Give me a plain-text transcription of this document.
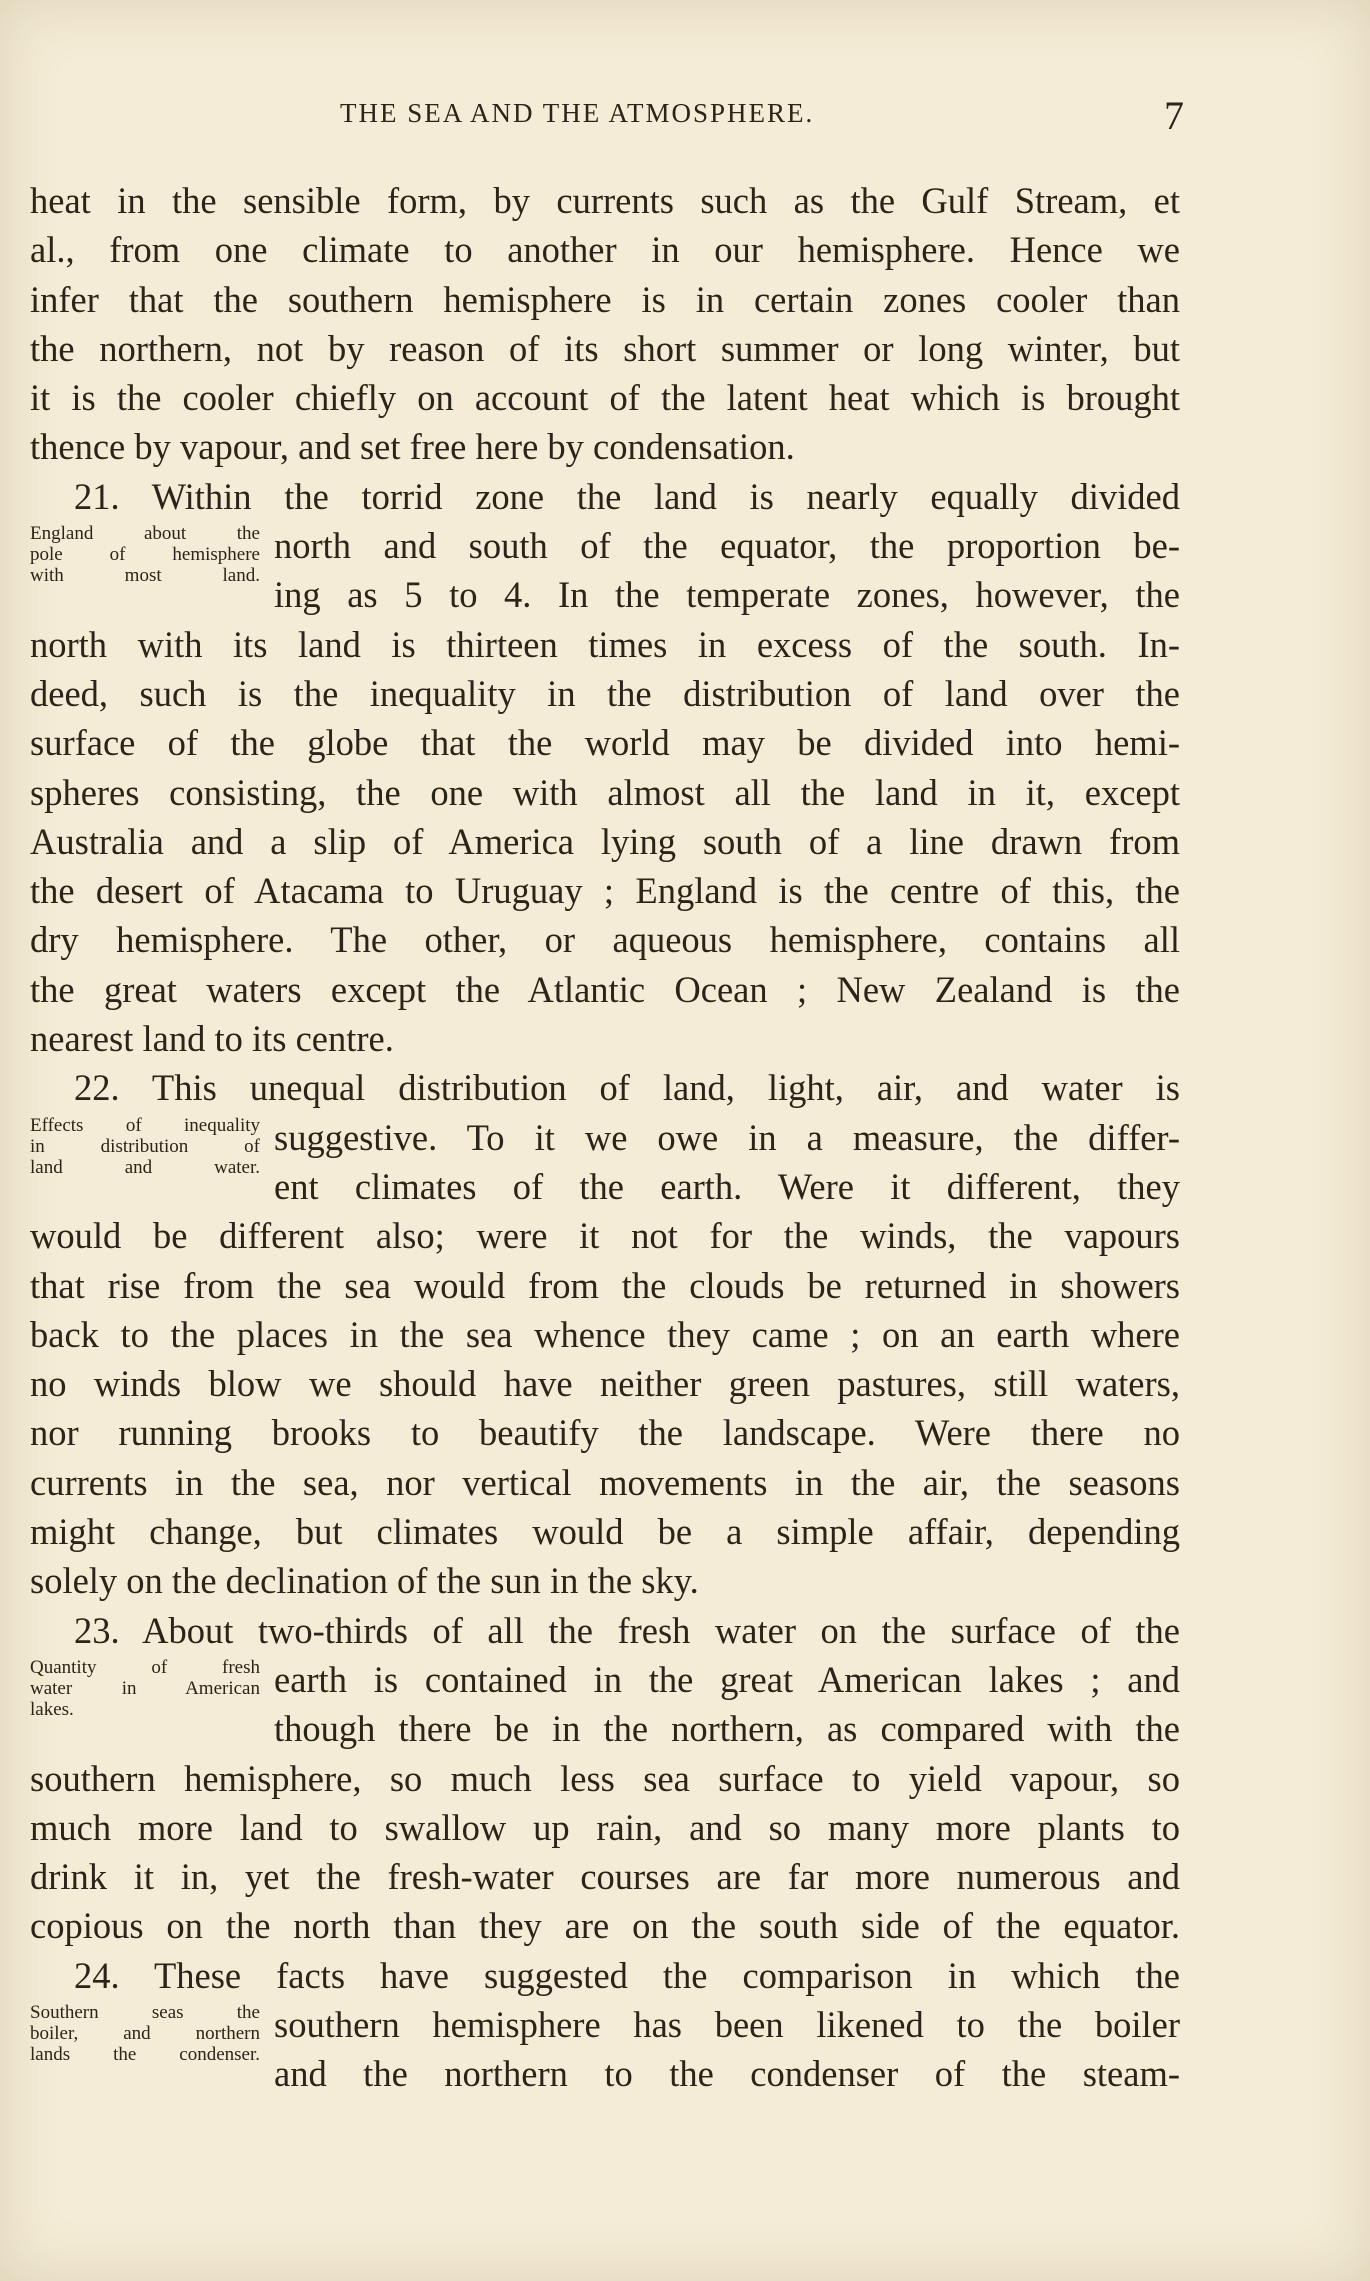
THE SEA AND THE ATMOSPHERE.	7
heat in the sensible form, by currents such as the Gulf Stream, et
al., from one climate to another in our hemisphere. Hence we
infer that the southern hemisphere is in certain zones cooler than
the northern, not by reason of its short summer or long winter, but
it is the cooler chiefly on account of the latent heat which is brought
thence by vapour, and set free here by condensation.
21. Within the torrid zone the land is nearly equally divided
England about the
pole of hemisphere
with most land.
north and south of the equator, the proportion be-
ing as 5 to 4. In the temperate zones, however, the
north with its land is thirteen times in excess of the south. In-
deed, such is the inequality in the distribution of land over the
surface of the globe that the world may be divided into hemi-
spheres consisting, the one with almost all the land in it, except
Australia and a slip of America lying south of a line drawn from
the desert of Atacama to Uruguay ; England is the centre of this, the
dry hemisphere. The other, or aqueous hemisphere, contains all
the great waters except the Atlantic Ocean ; New Zealand is the
nearest land to its centre.
22. This unequal distribution of land, light, air, and water is
Effects of inequality
in distribution of
land and water.
suggestive. To it we owe in a measure, the differ-
ent climates of the earth. Were it different, they
would be different also; were it not for the winds, the vapours
that rise from the sea would from the clouds be returned in showers
back to the places in the sea whence they came ; on an earth where
no winds blow we should have neither green pastures, still waters,
nor running brooks to beautify the landscape. Were there no
currents in the sea, nor vertical movements in the air, the seasons
might change, but climates would be a simple affair, depending
solely on the declination of the sun in the sky.
23. About two-thirds of all the fresh water on the surface of the
Quantity of fresh
water in American
lakes.
earth is contained in the great American lakes ; and
though there be in the northern, as compared with the
southern hemisphere, so much less sea surface to yield vapour, so
much more land to swallow up rain, and so many more plants to
drink it in, yet the fresh-water courses are far more numerous and
copious on the north than they are on the south side of the equator.
24. These facts have suggested the comparison in which the
Southern seas the
boiler, and northern
lands the condenser.
southern hemisphere has been likened to the boiler
and the northern to the condenser of the steam-
